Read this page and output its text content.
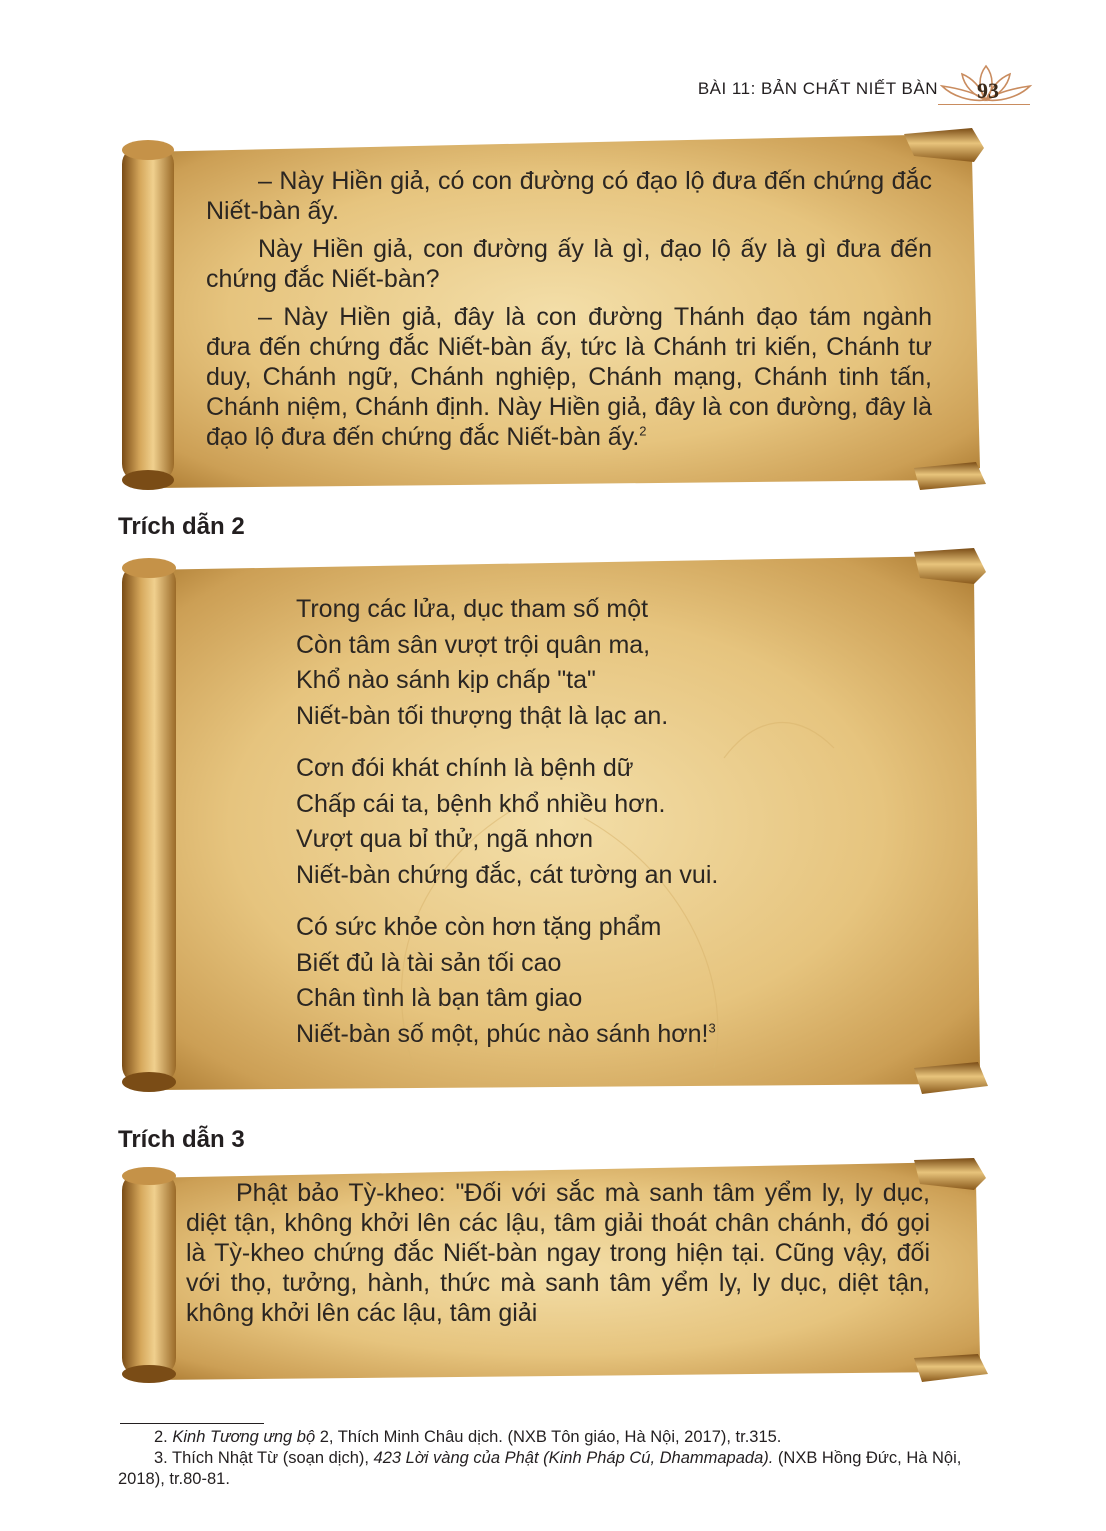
BÀI 11: BẢN CHẤT NIẾT BÀN	93

– Này Hiền giả, có con đường có đạo lộ đưa đến chứng đắc Niết-bàn ấy.

Này Hiền giả, con đường ấy là gì, đạo lộ ấy là gì đưa đến chứng đắc Niết-bàn?

– Này Hiền giả, đây là con đường Thánh đạo tám ngành đưa đến chứng đắc Niết-bàn ấy, tức là Chánh tri kiến, Chánh tư duy, Chánh ngữ, Chánh nghiệp, Chánh mạng, Chánh tinh tấn, Chánh niệm, Chánh định. Này Hiền giả, đây là con đường, đây là đạo lộ đưa đến chứng đắc Niết-bàn ấy.$^2$

Trích dẫn 2
Trong các lửa, dục tham số một
Còn tâm sân vượt trội quân ma,
Khổ nào sánh kịp chấp "ta"
Niết-bàn tối thượng thật là lạc an.
Cơn đói khát chính là bệnh dữ
Chấp cái ta, bệnh khổ nhiều hơn.
Vượt qua bỉ thử, ngã nhơn
Niết-bàn chứng đắc, cát tường an vui.
Có sức khỏe còn hơn tặng phẩm
Biết đủ là tài sản tối cao
Chân tình là bạn tâm giao
Niết-bàn số một, phúc nào sánh hơn!$^3$
Trích dẫn 3

Phật bảo Tỳ-kheo: "Đối với sắc mà sanh tâm yểm ly, ly dục, diệt tận, không khởi lên các lậu, tâm giải thoát chân chánh, đó gọi là Tỳ-kheo chứng đắc Niết-bàn ngay trong hiện tại. Cũng vậy, đối với thọ, tưởng, hành, thức mà sanh tâm yểm ly, ly dục, diệt tận, không khởi lên các lậu, tâm giải

2. Kinh Tương ưng bộ 2, Thích Minh Châu dịch. (NXB Tôn giáo, Hà Nội, 2017), tr.315.

3. Thích Nhật Từ (soạn dịch), 423 Lời vàng của Phật (Kinh Pháp Cú, Dhammapada). (NXB Hồng Đức, Hà Nội, 2018), tr.80-81.
